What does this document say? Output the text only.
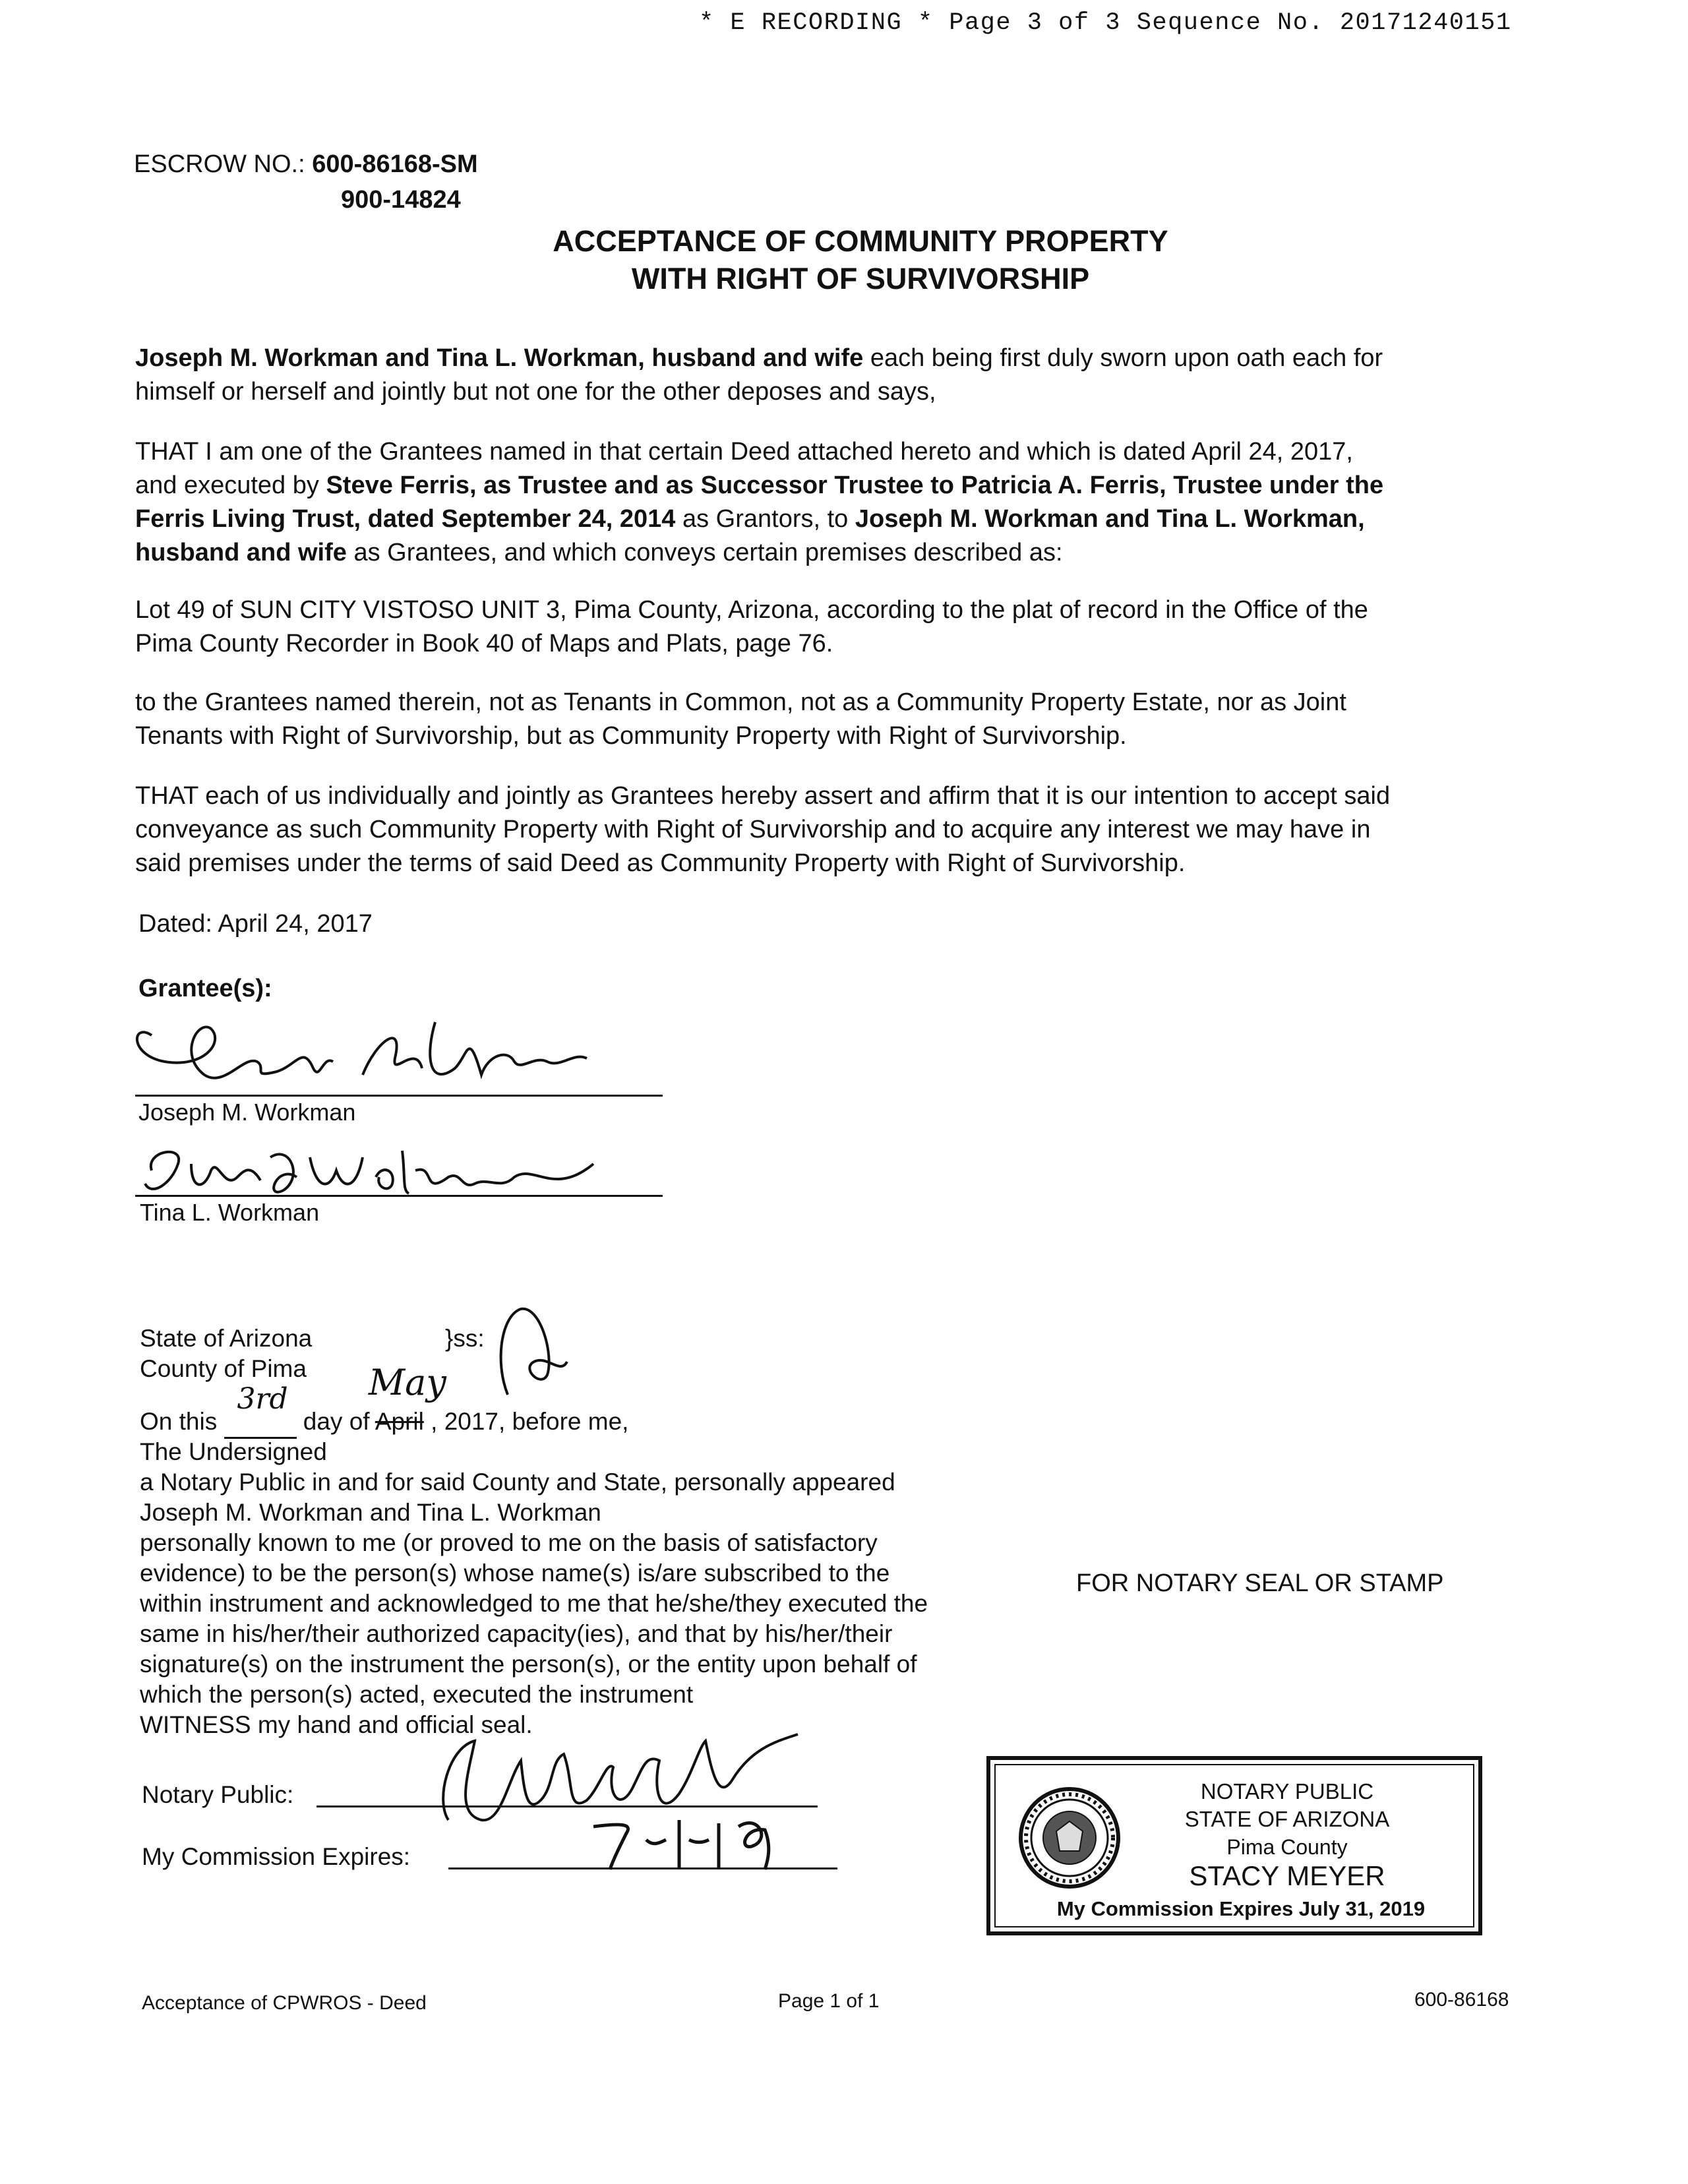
* E RECORDING * Page 3 of 3 Sequence No. 20171240151
ESCROW NO.: 600-86168-SM
900-14824
ACCEPTANCE OF COMMUNITY PROPERTY
WITH RIGHT OF SURVIVORSHIP
Joseph M. Workman and Tina L. Workman, husband and wife each being first duly sworn upon oath each for
himself or herself and jointly but not one for the other deposes and says,
THAT I am one of the Grantees named in that certain Deed attached hereto and which is dated April 24, 2017,
and executed by Steve Ferris, as Trustee and as Successor Trustee to Patricia A. Ferris, Trustee under the
Ferris Living Trust, dated September 24, 2014 as Grantors, to Joseph M. Workman and Tina L. Workman,
husband and wife as Grantees, and which conveys certain premises described as:
Lot 49 of SUN CITY VISTOSO UNIT 3, Pima County, Arizona, according to the plat of record in the Office of the
Pima County Recorder in Book 40 of Maps and Plats, page 76.
to the Grantees named therein, not as Tenants in Common, not as a Community Property Estate, nor as Joint
Tenants with Right of Survivorship, but as Community Property with Right of Survivorship.
THAT each of us individually and jointly as Grantees hereby assert and affirm that it is our intention to accept said
conveyance as such Community Property with Right of Survivorship and to acquire any interest we may have in
said premises under the terms of said Deed as Community Property with Right of Survivorship.
Dated: April 24, 2017
Grantee(s):
Joseph M Workman
Joseph M. Workman
Tina L. Workman
State of Arizona	}ss:
County of Pima
On this
3rd
day of April
May
, 2017, before me,
The Undersigned
a Notary Public in and for said County and State, personally appeared
Joseph M. Workman and Tina L. Workman
personally known to me (or proved to me on the basis of satisfactory
evidence) to be the person(s) whose name(s) is/are subscribed to the
within instrument and acknowledged to me that he/she/they executed the
same in his/her/their authorized capacity(ies), and that by his/her/their
signature(s) on the instrument the person(s), or the entity upon behalf of
which the person(s) acted, executed the instrument
WITNESS my hand and official seal.
FOR NOTARY SEAL OR STAMP
Notary Public:
My Commission Expires:
7-31-19
NOTARY PUBLIC
STATE OF ARIZONA
Pima County
STACY MEYER
My Commission Expires July 31, 2019
Acceptance of CPWROS - Deed	Page 1 of 1	600-86168
